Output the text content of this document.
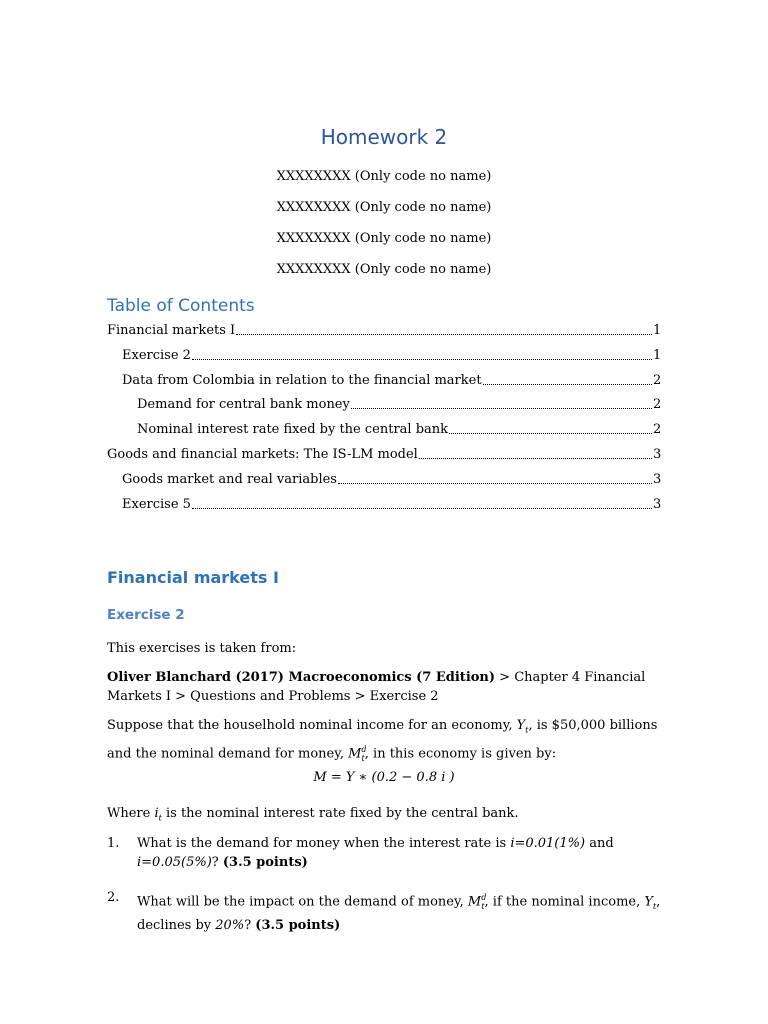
Homework 2
XXXXXXXX (Only code no name)
XXXXXXXX (Only code no name)
XXXXXXXX (Only code no name)
XXXXXXXX (Only code no name)
Table of Contents
Financial markets I	1
Exercise 2	1
Data from Colombia in relation to the financial market	2
Demand for central bank money	2
Nominal interest rate fixed by the central bank	2
Goods and financial markets: The IS-LM model	3
Goods market and real variables	3
Exercise 5	3
Financial markets I
Exercise 2
This exercises is taken from:
Oliver Blanchard (2017) Macroeconomics (7 Edition) > Chapter 4 Financial
Markets I > Questions and Problems > Exercise 2
Suppose that the houselhold nominal income for an economy, $Y_t$, is $50,000 billions
and the nominal demand for money, $M^d_t$, in this economy is given by:
M = Y ∗ (0.2 − 0.8 i )
Where $i_t$ is the nominal interest rate fixed by the central bank.
1. What is the demand for money when the interest rate is i=0.01(1%) and
i=0.05(5%)? (3.5 points)
2. What will be the impact on the demand of money, $M^d_t$, if the nominal income, $Y_t$,
declines by 20%? (3.5 points)
